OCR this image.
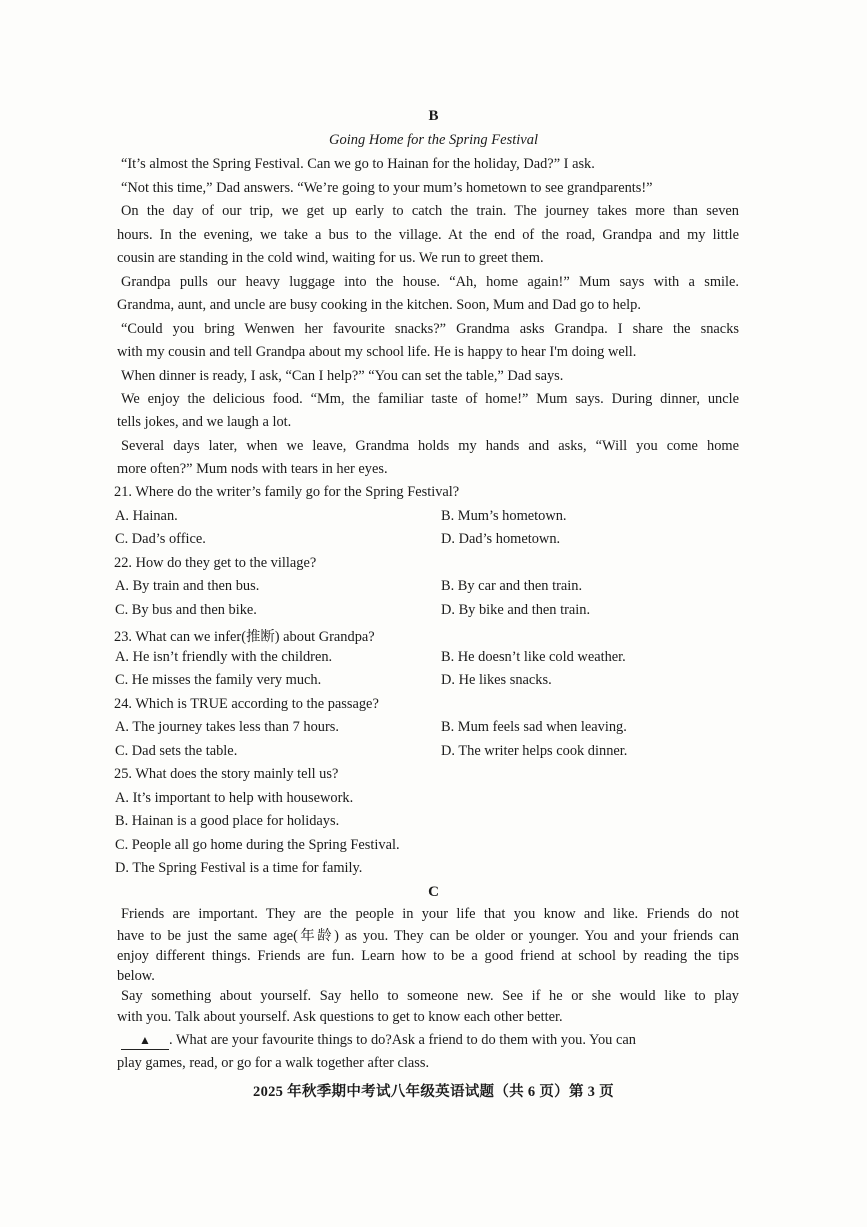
B
Going Home for the Spring Festival
“It’s almost the Spring Festival. Can we go to Hainan for the holiday, Dad?” I ask.
“Not this time,” Dad answers. “We’re going to your mum’s hometown to see grandparents!”
On the day of our trip, we get up early to catch the train. The journey takes more than seven
hours. In the evening, we take a bus to the village. At the end of the road, Grandpa and my little
cousin are standing in the cold wind, waiting for us. We run to greet them.
Grandpa pulls our heavy luggage into the house. “Ah, home again!” Mum says with a smile.
Grandma, aunt, and uncle are busy cooking in the kitchen. Soon, Mum and Dad go to help.
“Could you bring Wenwen her favourite snacks?” Grandma asks Grandpa. I share the snacks
with my cousin and tell Grandpa about my school life. He is happy to hear I'm doing well.
When dinner is ready, I ask, “Can I help?” “You can set the table,” Dad says.
We enjoy the delicious food. “Mm, the familiar taste of home!” Mum says. During dinner, uncle
tells jokes, and we laugh a lot.
Several days later, when we leave, Grandma holds my hands and asks, “Will you come home
more often?” Mum nods with tears in her eyes.
21. Where do the writer’s family go for the Spring Festival?
A. Hainan.	B. Mum’s hometown.
C. Dad’s office.	D. Dad’s hometown.
22. How do they get to the village?
A. By train and then bus.	B. By car and then train.
C. By bus and then bike.	D. By bike and then train.
23. What can we infer(推断) about Grandpa?
A. He isn’t friendly with the children.	B. He doesn’t like cold weather.
C. He misses the family very much.	D. He likes snacks.
24. Which is TRUE according to the passage?
A. The journey takes less than 7 hours.	B. Mum feels sad when leaving.
C. Dad sets the table.	D. The writer helps cook dinner.
25. What does the story mainly tell us?
A. It’s important to help with housework.
B. Hainan is a good place for holidays.
C. People all go home during the Spring Festival.
D. The Spring Festival is a time for family.
C
Friends are important. They are the people in your life that you know and like. Friends do not
have to be just the same age(年龄) as you. They can be older or younger. You and your friends can
enjoy different things. Friends are fun. Learn how to be a good friend at school by reading the tips
below.
Say something about yourself. Say hello to someone new. See if he or she would like to play
with you. Talk about yourself. Ask questions to get to know each other better.
▲ . What are your favourite things to do?Ask a friend to do them with you. You can
play games, read, or go for a walk together after class.
2025 年秋季期中考试八年级英语试题（共 6 页）第 3 页
